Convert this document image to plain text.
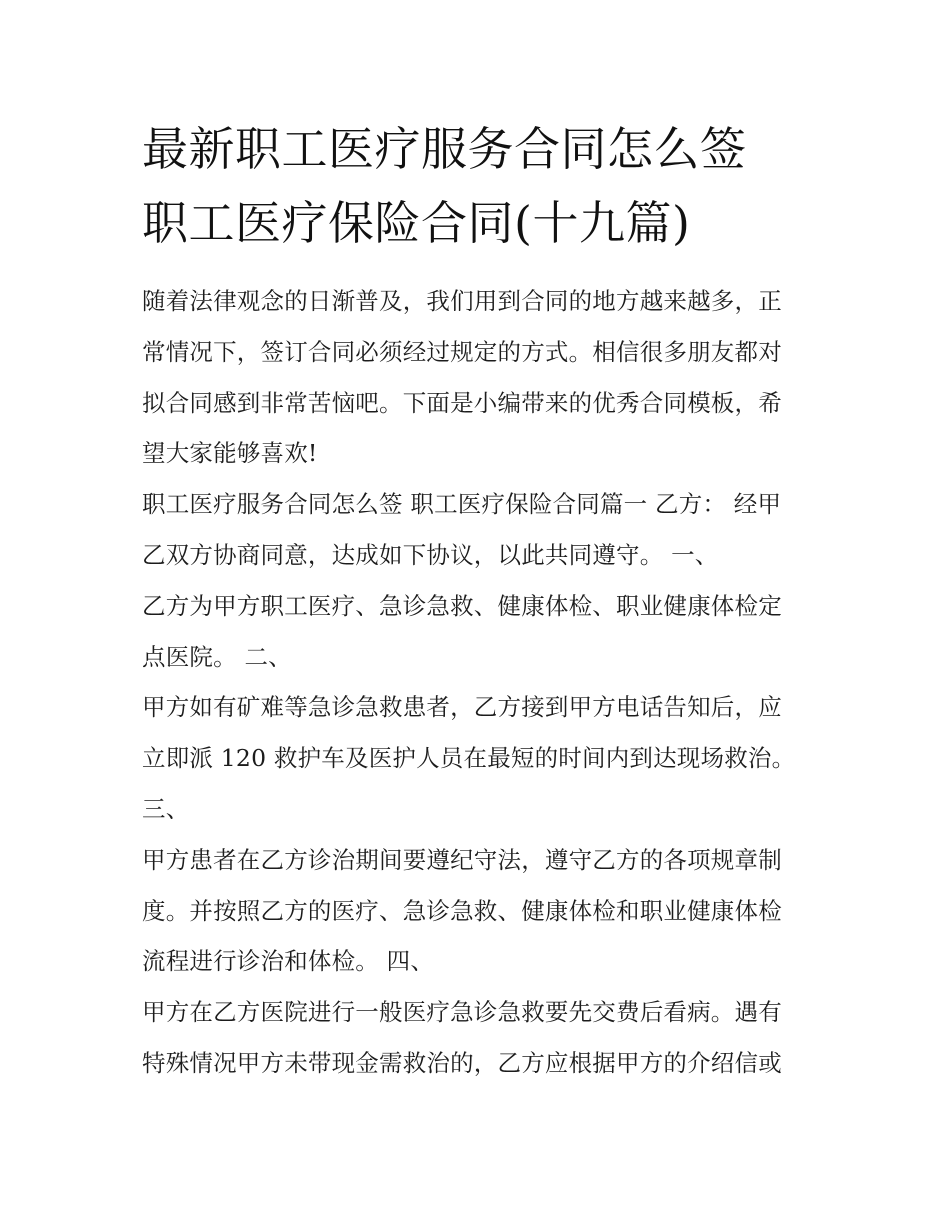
最新职工医疗服务合同怎么签
职工医疗保险合同(十九篇)
随着法律观念的日渐普及，我们用到合同的地方越来越多，正
常情况下，签订合同必须经过规定的方式。相信很多朋友都对
拟合同感到非常苦恼吧。下面是小编带来的优秀合同模板，希
望大家能够喜欢!
职工医疗服务合同怎么签 职工医疗保险合同篇一 乙方： 经甲
乙双方协商同意，达成如下协议，以此共同遵守。 一、
乙方为甲方职工医疗、急诊急救、健康体检、职业健康体检定
点医院。 二、
甲方如有矿难等急诊急救患者，乙方接到甲方电话告知后，应
立即派 120 救护车及医护人员在最短的时间内到达现场救治。
三、
甲方患者在乙方诊治期间要遵纪守法，遵守乙方的各项规章制
度。并按照乙方的医疗、急诊急救、健康体检和职业健康体检
流程进行诊治和体检。 四、
甲方在乙方医院进行一般医疗急诊急救要先交费后看病。遇有
特殊情况甲方未带现金需救治的，乙方应根据甲方的介绍信或
